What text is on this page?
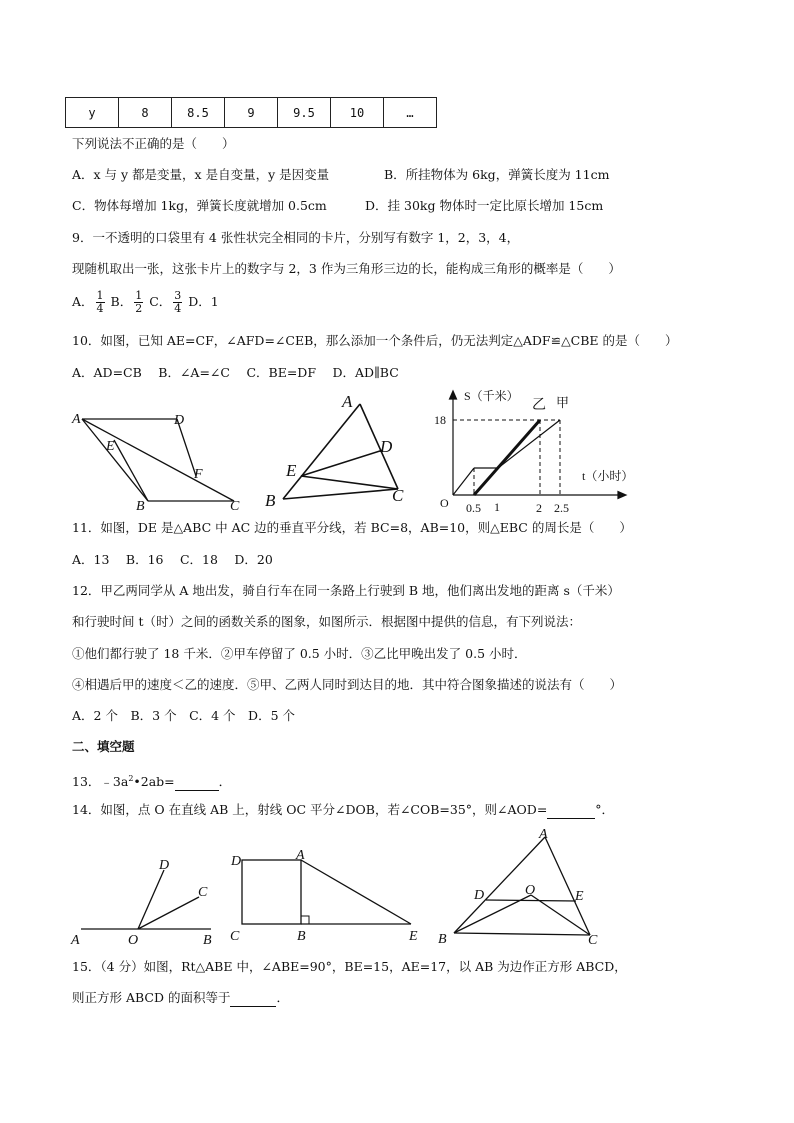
y	8	8.5	9	9.5	10	…
下列说法不正确的是（　　）
A．x 与 y 都是变量，x 是自变量，y 是因变量	B．所挂物体为 6kg，弹簧长度为 11cm
C．物体每增加 1kg，弹簧长度就增加 0.5cm	D．挂 30kg 物体时一定比原长增加 15cm
9．一不透明的口袋里有 4 张性状完全相同的卡片，分别写有数字 1，2，3，4，
现随机取出一张，这张卡片上的数字与 2，3 作为三角形三边的长，能构成三角形的概率是（　　）
A． $\frac{1}{4}$ B． $\frac{1}{2}$ C． $\frac{3}{4}$ D．1
10．如图，已知 AE=CF，∠AFD=∠CEB，那么添加一个条件后，仍无法判定△ADF≌△CBE 的是（　　）
A．AD=CB　 B．∠A=∠C　 C．BE=DF　 D．AD∥BC
A	D
E
F
B	C
A
D
E
B	C
S（千米）
t（小时）
18
O 0.5 1	2 2.5
乙 甲
11．如图，DE 是△ABC 中 AC 边的垂直平分线，若 BC=8，AB=10，则△EBC 的周长是（　　）
A．13　 B．16　 C．18　 D．20
12．甲乙两同学从 A 地出发，骑自行车在同一条路上行驶到 B 地，他们离出发地的距离 s（千米）
和行驶时间 t（时）之间的函数关系的图象，如图所示．根据图中提供的信息，有下列说法：
①他们都行驶了 18 千米．②甲车停留了 0.5 小时．③乙比甲晚出发了 0.5 小时．
④相遇后甲的速度＜乙的速度．⑤甲、乙两人同时到达目的地．其中符合图象描述的说法有（　　）
A．2 个　B．3 个　C．4 个　D．5 个
二、填空题
13．$﹣3a^2•2ab=$	．
14．如图，点 O 在直线 AB 上，射线 OC 平分∠DOB，若∠COB=35°，则∠AOD=	°．
D
C
A	O	B
D	A
C	B	E
A
D	O	E
B	C
15．（4 分）如图，Rt△ABE 中，∠ABE=90°，BE=15，AE=17，以 AB 为边作正方形 ABCD，
则正方形 ABCD 的面积等于	．
